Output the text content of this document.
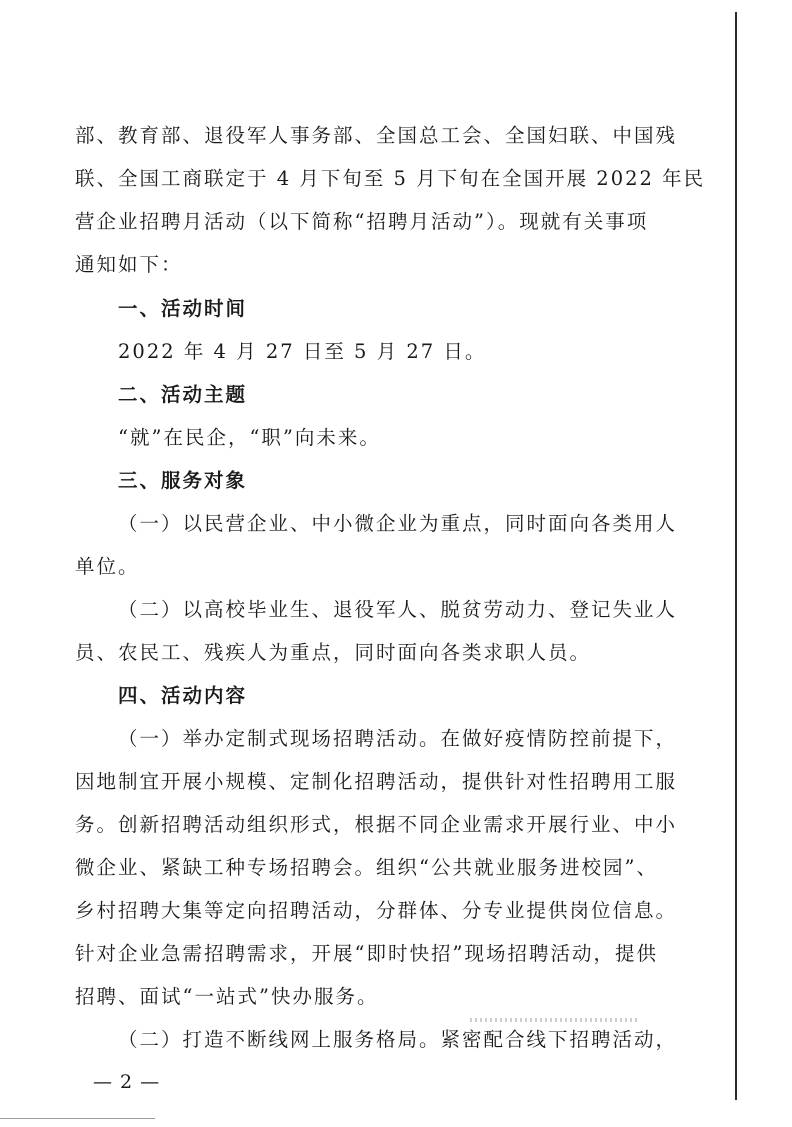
部、教育部、退役军人事务部、全国总工会、全国妇联、中国残
联、全国工商联定于 4 月下旬至 5 月下旬在全国开展 2022 年民
营企业招聘月活动（以下简称“招聘月活动”）。现就有关事项
通知如下：
一、活动时间
2022 年 4 月 27 日至 5 月 27 日。
二、活动主题
“就”在民企，“职”向未来。
三、服务对象
（一）以民营企业、中小微企业为重点，同时面向各类用人
单位。
（二）以高校毕业生、退役军人、脱贫劳动力、登记失业人
员、农民工、残疾人为重点，同时面向各类求职人员。
四、活动内容
（一）举办定制式现场招聘活动。在做好疫情防控前提下，
因地制宜开展小规模、定制化招聘活动，提供针对性招聘用工服
务。创新招聘活动组织形式，根据不同企业需求开展行业、中小
微企业、紧缺工种专场招聘会。组织“公共就业服务进校园”、
乡村招聘大集等定向招聘活动，分群体、分专业提供岗位信息。
针对企业急需招聘需求，开展“即时快招”现场招聘活动，提供
招聘、面试“一站式”快办服务。
（二）打造不断线网上服务格局。紧密配合线下招聘活动，
— 2 —
